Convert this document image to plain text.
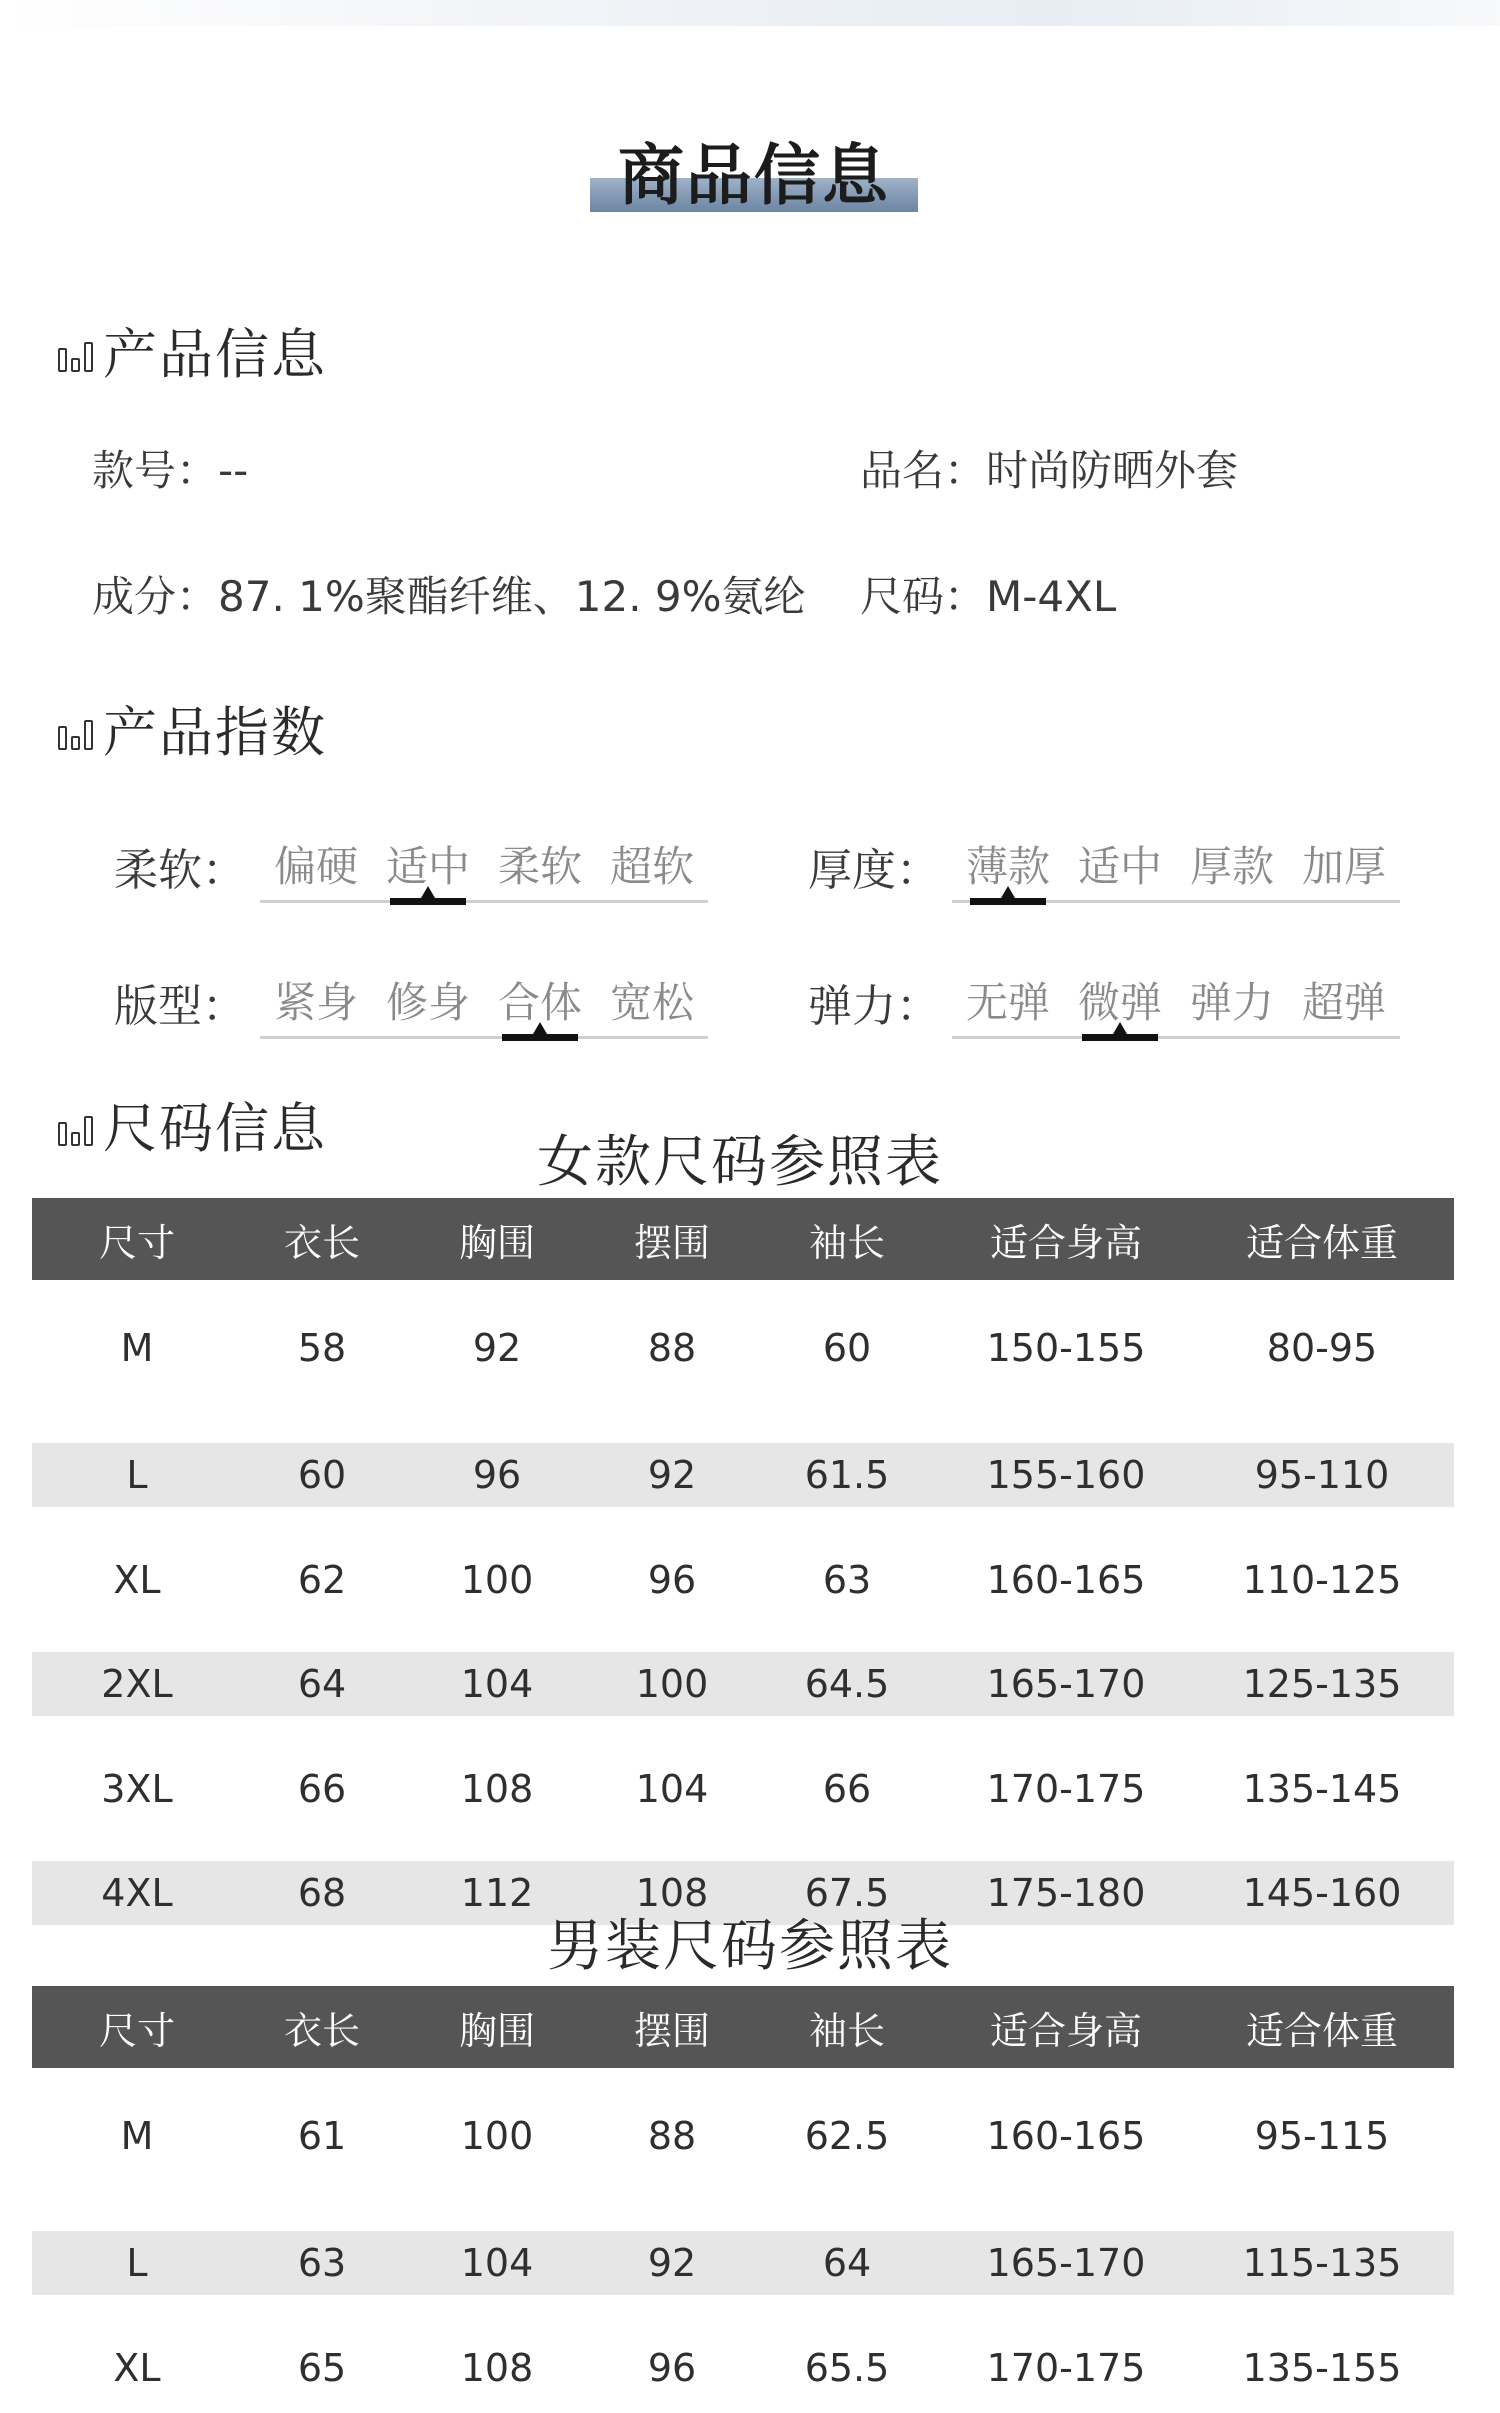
商品信息
产品信息
款号：--	品名：时尚防晒外套
成分：87. 1%聚酯纤维、12. 9%氨纶 尺码：M-4XL
产品指数
柔软： 偏硬 适中 柔软 超软	厚度： 薄款 适中 厚款 加厚
版型： 紧身 修身 合体 宽松	弹力： 无弹 微弹 弹力 超弹
尺码信息
女款尺码参照表
尺寸	衣长	胸围	摆围	袖长	适合身高	适合体重
M	58	92	88	60	150-155	80-95

L	60	96	92	61.5	155-160	95-110

XL	62	100	96	63	160-165	110-125

2XL	64	104	100	64.5	165-170	125-135

3XL	66	108	104	66	170-175	135-145

4XL	68	112	108	67.5	175-180	145-160

男装尺码参照表
尺寸	衣长	胸围	摆围	袖长	适合身高	适合体重
M	61	100	88	62.5	160-165	95-115

L	63	104	92	64	165-170	115-135

XL	65	108	96	65.5	170-175	135-155
